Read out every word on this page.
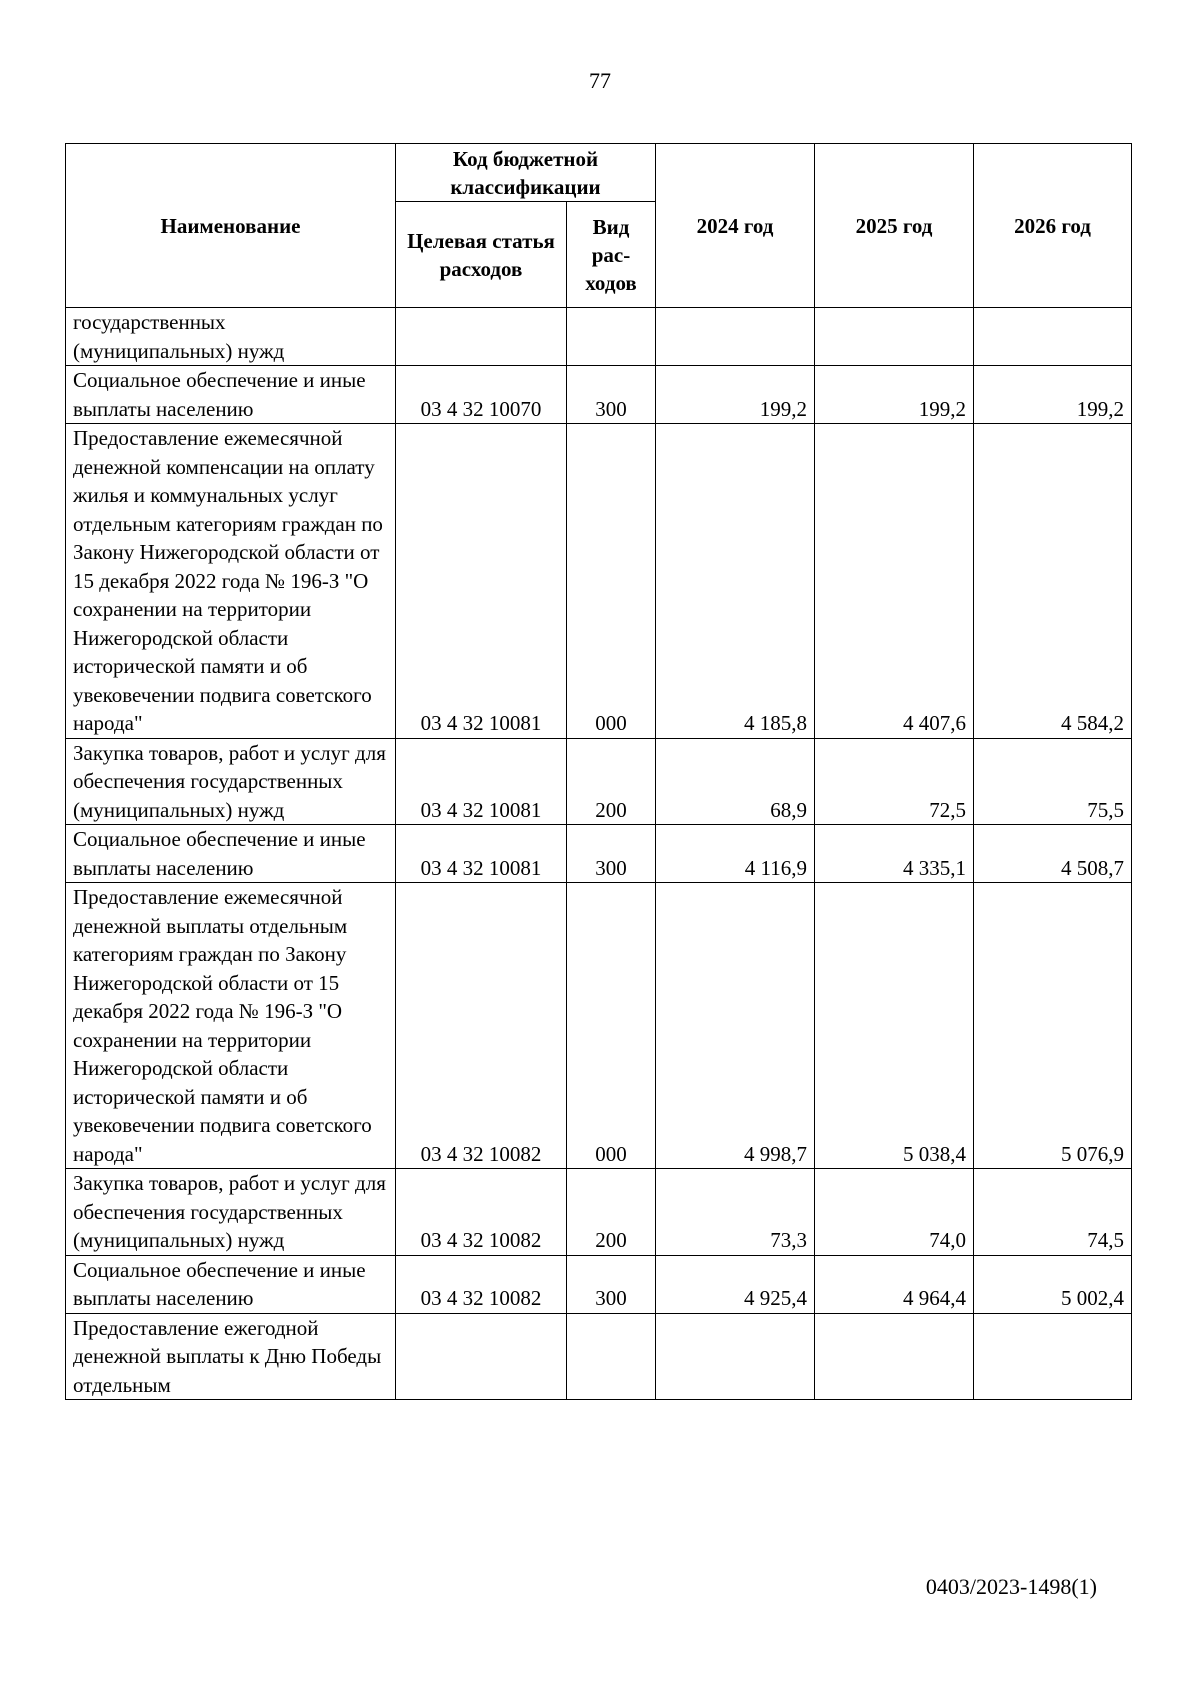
77
Наименование	Код бюджетной классификации		2024 год	2025 год	2026 год
	Целевая статья расходов	Вид рас-ходов			
государственных (муниципальных) нужд					
Социальное обеспечение и иные выплаты населению	03 4 32 10070	300	199,2	199,2	199,2
Предоставление ежемесячной денежной компенсации на оплату жилья и коммунальных услуг отдельным категориям граждан по Закону Нижегородской области от 15 декабря 2022 года № 196-З "О сохранении на территории Нижегородской области исторической памяти и об увековечении подвига советского народа"	03 4 32 10081	000	4 185,8	4 407,6	4 584,2
Закупка товаров, работ и услуг для обеспечения государственных (муниципальных) нужд	03 4 32 10081	200	68,9	72,5	75,5
Социальное обеспечение и иные выплаты населению	03 4 32 10081	300	4 116,9	4 335,1	4 508,7
Предоставление ежемесячной денежной выплаты отдельным категориям граждан по Закону Нижегородской области от 15 декабря 2022 года № 196-З "О сохранении на территории Нижегородской области исторической памяти и об увековечении подвига советского народа"	03 4 32 10082	000	4 998,7	5 038,4	5 076,9
Закупка товаров, работ и услуг для обеспечения государственных (муниципальных) нужд	03 4 32 10082	200	73,3	74,0	74,5
Социальное обеспечение и иные выплаты населению	03 4 32 10082	300	4 925,4	4 964,4	5 002,4
Предоставление ежегодной денежной выплаты к Дню Победы отдельным					
0403/2023-1498(1)
